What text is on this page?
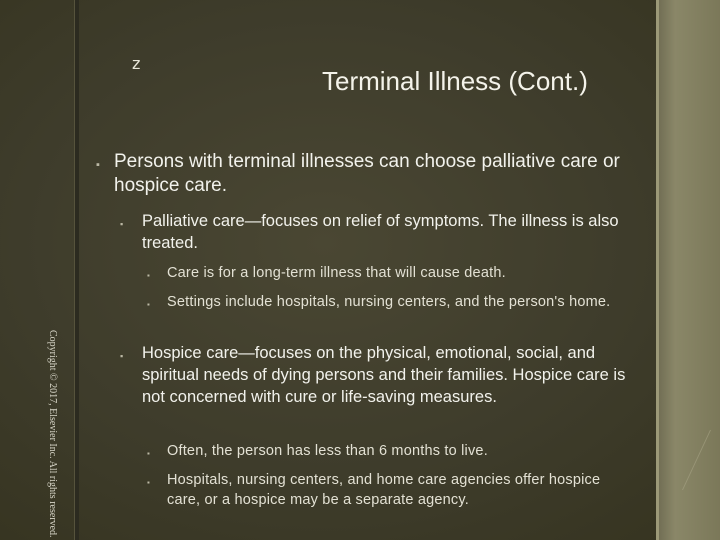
z
Terminal Illness (Cont.)
Copyright © 2017, Elsevier Inc. All rights reserved.
▪ Persons with terminal illnesses can choose palliative care or hospice care.
▪	Palliative care—focuses on relief of symptoms. The illness is also treated.
▪	Care is for a long-term illness that will cause death.
▪	Settings include hospitals, nursing centers, and the person's home.
▪	Hospice care—focuses on the physical, emotional, social, and spiritual needs of dying persons and their families. Hospice care is not concerned with cure or life-saving measures.
▪	Often, the person has less than 6 months to live.
▪	Hospitals, nursing centers, and home care agencies offer hospice care, or a hospice may be a separate agency.
